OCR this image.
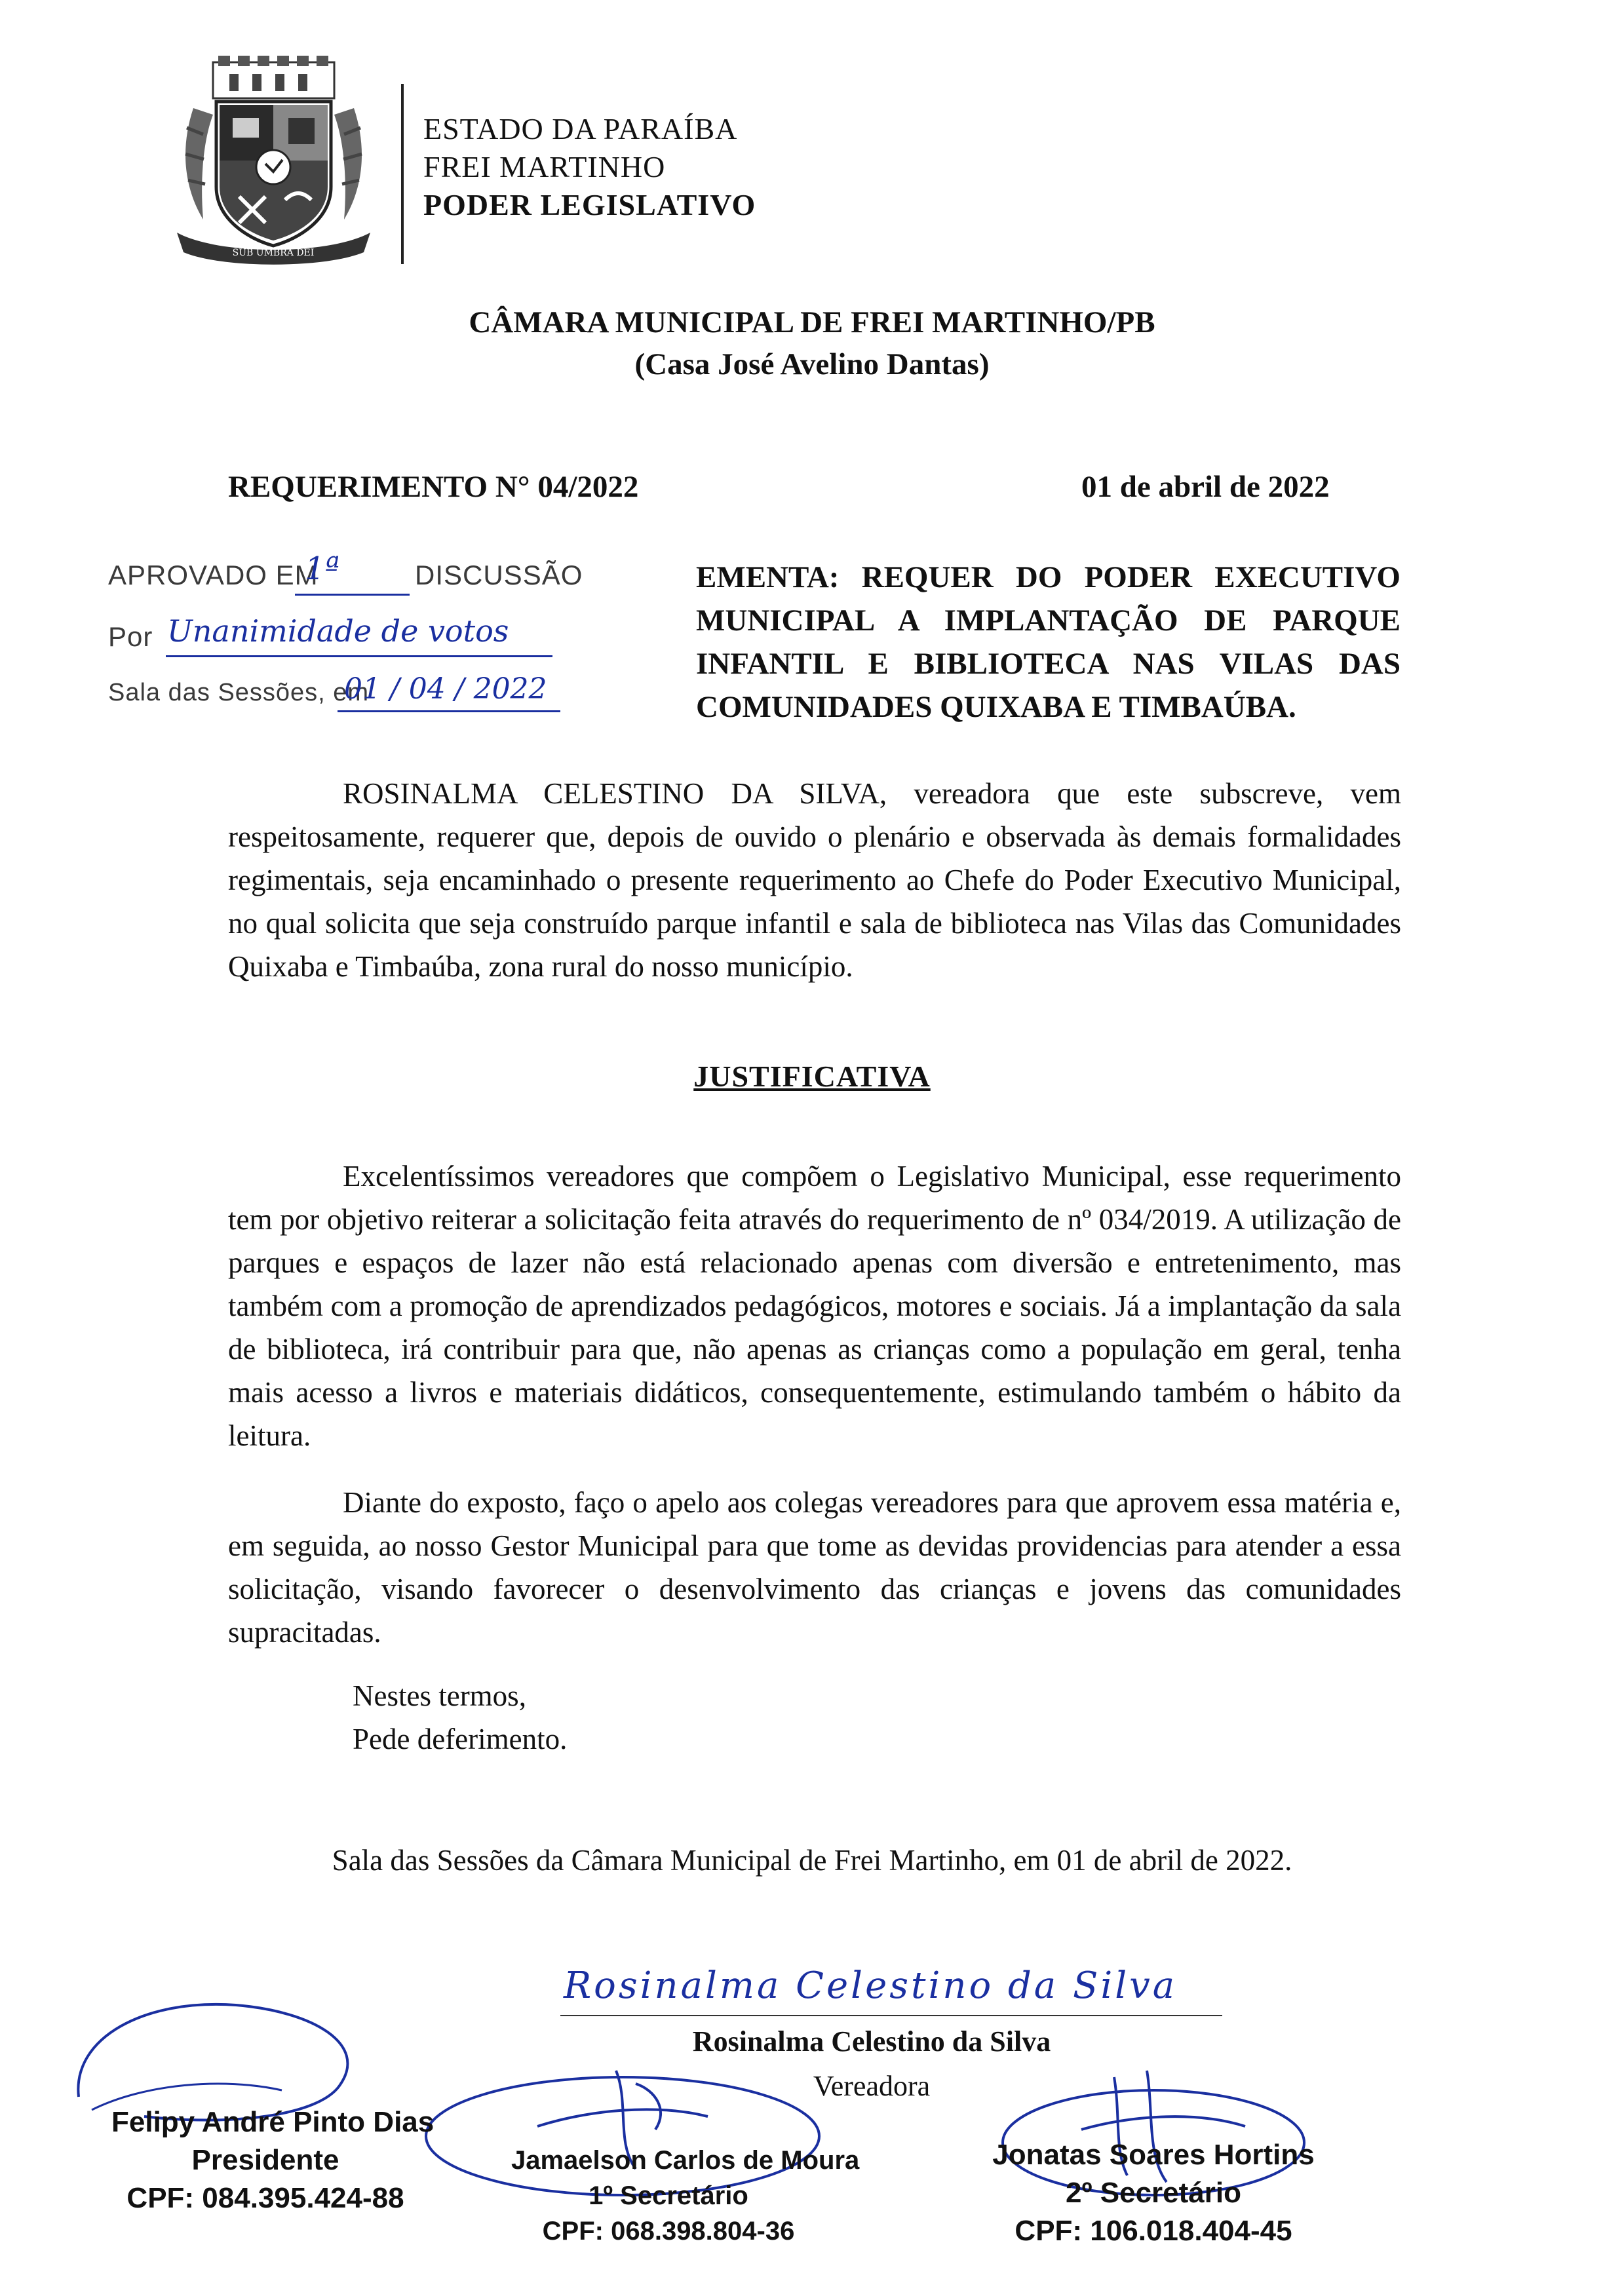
SUB UMBRA DEI
ESTADO DA PARAÍBA
FREI MARTINHO
PODER LEGISLATIVO
CÂMARA MUNICIPAL DE FREI MARTINHO/PB
(Casa José Avelino Dantas)
REQUERIMENTO N° 04/2022	01 de abril de 2022
APROVADO EM
1ª	DISCUSSÃO
Por Unanimidade de votos
Sala das Sessões, em
01 / 04 / 2022
EMENTA: REQUER DO PODER EXECUTIVO MUNICIPAL A IMPLANTAÇÃO DE PARQUE INFANTIL E BIBLIOTECA NAS VILAS DAS COMUNIDADES QUIXABA E TIMBAÚBA.
ROSINALMA CELESTINO DA SILVA, vereadora que este subscreve, vem respeitosamente, requerer que, depois de ouvido o plenário e observada às demais formalidades regimentais, seja encaminhado o presente requerimento ao Chefe do Poder Executivo Municipal, no qual solicita que seja construído parque infantil e sala de biblioteca nas Vilas das Comunidades Quixaba e Timbaúba, zona rural do nosso município.
JUSTIFICATIVA
Excelentíssimos vereadores que compõem o Legislativo Municipal, esse requerimento tem por objetivo reiterar a solicitação feita através do requerimento de nº 034/2019. A utilização de parques e espaços de lazer não está relacionado apenas com diversão e entretenimento, mas também com a promoção de aprendizados pedagógicos, motores e sociais. Já a implantação da sala de biblioteca, irá contribuir para que, não apenas as crianças como a população em geral, tenha mais acesso a livros e materiais didáticos, consequentemente, estimulando também o hábito da leitura.
Diante do exposto, faço o apelo aos colegas vereadores para que aprovem essa matéria e, em seguida, ao nosso Gestor Municipal para que tome as devidas providencias para atender a essa solicitação, visando favorecer o desenvolvimento das crianças e jovens das comunidades supracitadas.
Nestes termos,
Pede deferimento.
Sala das Sessões da Câmara Municipal de Frei Martinho, em 01 de abril de 2022.
Rosinalma Celestino da Silva
Rosinalma Celestino da Silva
Vereadora
Felipy André Pinto Dias
Presidente
CPF: 084.395.424-88
Jamaelson Carlos de Moura
1º Secretário
CPF: 068.398.804-36
Jonatas Soares Hortins
2º Secretário
CPF: 106.018.404-45
